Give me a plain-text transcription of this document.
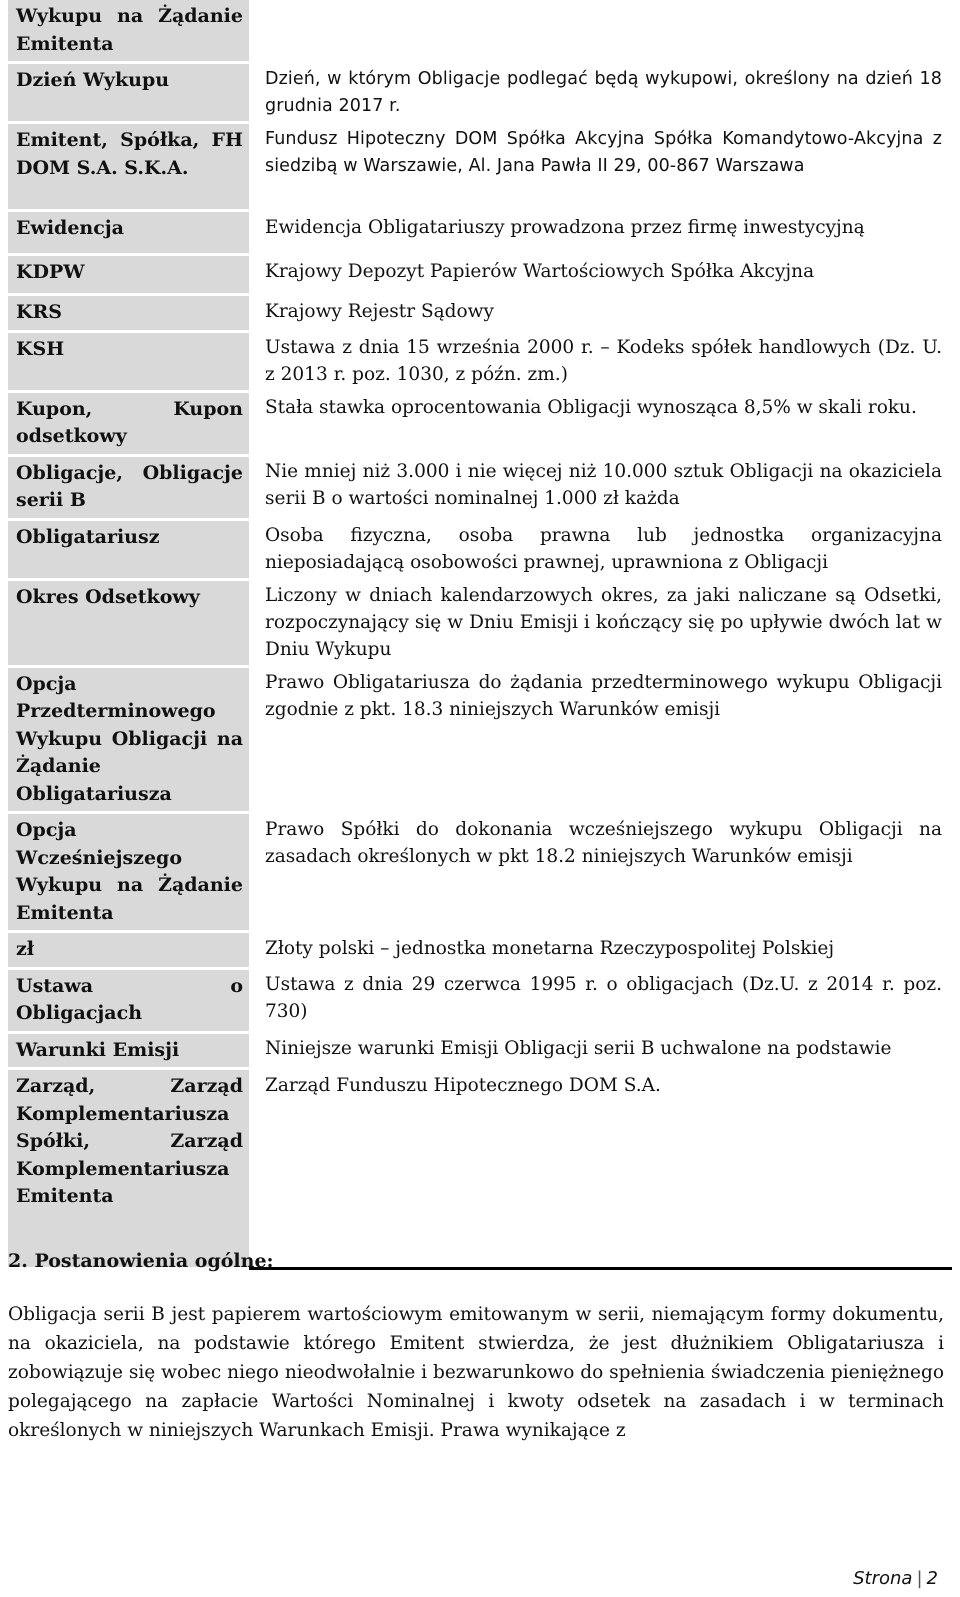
Wykupu na Żądanie Emitenta	
Dzień Wykupu	Dzień, w którym Obligacje podlegać będą wykupowi, określony na dzień 18 grudnia 2017 r.
Emitent, Spółka, FH DOM S.A. S.K.A.	Fundusz Hipoteczny DOM Spółka Akcyjna Spółka Komandytowo-Akcyjna z siedzibą w Warszawie, Al. Jana Pawła II 29, 00-867 Warszawa
Ewidencja	Ewidencja Obligatariuszy prowadzona przez firmę inwestycyjną
KDPW	Krajowy Depozyt Papierów Wartościowych Spółka Akcyjna
KRS	Krajowy Rejestr Sądowy
KSH	Ustawa z dnia 15 września 2000 r. – Kodeks spółek handlowych (Dz. U. z 2013 r. poz. 1030, z późn. zm.)
Kupon, Kupon odsetkowy	Stała stawka oprocentowania Obligacji wynosząca 8,5% w skali roku.
Obligacje, Obligacje serii B	Nie mniej niż 3.000 i nie więcej niż 10.000 sztuk Obligacji na okaziciela serii B o wartości nominalnej 1.000 zł każda
Obligatariusz	Osoba fizyczna, osoba prawna lub jednostka organizacyjna nieposiadającą osobowości prawnej, uprawniona z Obligacji
Okres Odsetkowy	Liczony w dniach kalendarzowych okres, za jaki naliczane są Odsetki, rozpoczynający się w Dniu Emisji i kończący się po upływie dwóch lat w Dniu Wykupu
Opcja Przedterminowego Wykupu Obligacji na Żądanie Obligatariusza	Prawo Obligatariusza do żądania przedterminowego wykupu Obligacji zgodnie z pkt. 18.3 niniejszych Warunków emisji
Opcja Wcześniejszego Wykupu na Żądanie Emitenta	Prawo Spółki do dokonania wcześniejszego wykupu Obligacji na zasadach określonych w pkt 18.2 niniejszych Warunków emisji
zł	Złoty polski – jednostka monetarna Rzeczypospolitej Polskiej
Ustawa o Obligacjach	Ustawa z dnia 29 czerwca 1995 r. o obligacjach (Dz.U. z 2014 r. poz. 730)
Warunki Emisji	Niniejsze warunki Emisji Obligacji serii B uchwalone na podstawie
Zarząd, Zarząd Komplementariusza Spółki, Zarząd Komplementariusza Emitenta	Zarząd Funduszu Hipotecznego DOM S.A.
2. Postanowienia ogólne:

Obligacja serii B jest papierem wartościowym emitowanym w serii, niemającym formy dokumentu, na okaziciela, na podstawie którego Emitent stwierdza, że jest dłużnikiem Obligatariusza i zobowiązuje się wobec niego nieodwołalnie i bezwarunkowo do spełnienia świadczenia pieniężnego polegającego na zapłacie Wartości Nominalnej i kwoty odsetek na zasadach i w terminach określonych w niniejszych Warunkach Emisji. Prawa wynikające z

Strona | 2
